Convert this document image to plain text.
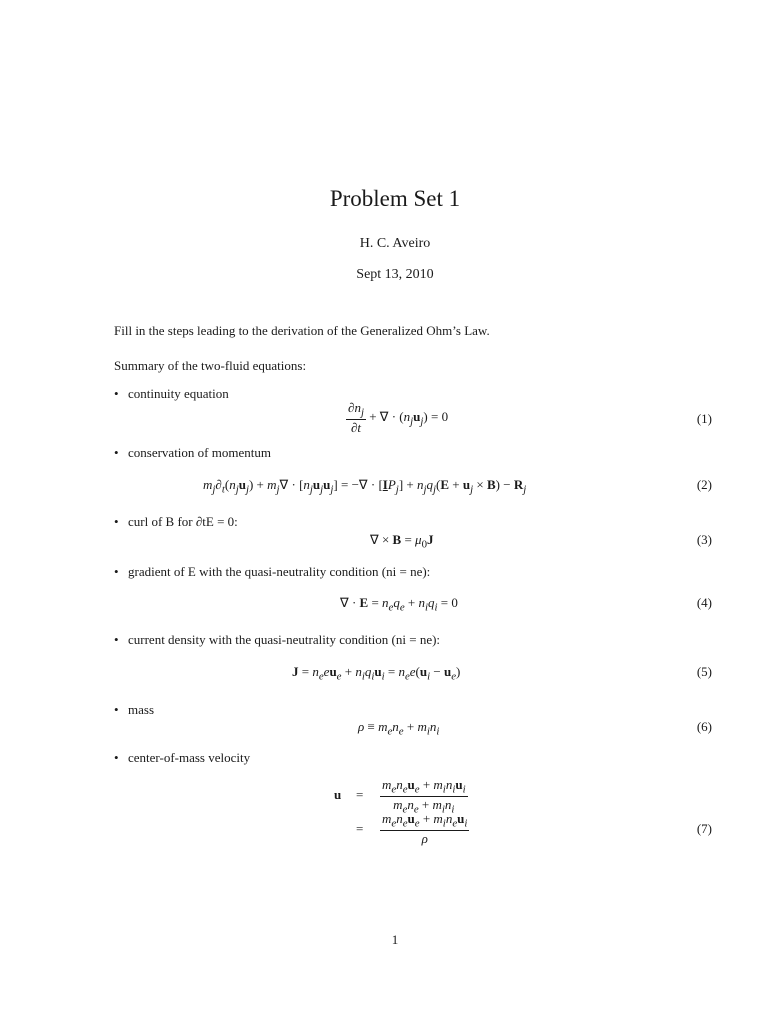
Problem Set 1
H. C. Aveiro
Sept 13, 2010
Fill in the steps leading to the derivation of the Generalized Ohm’s Law.
Summary of the two-fluid equations:
• continuity equation
$\frac{\partial n_j}{\partial t}$ + ∇ · $(n_ju_j) = 0$	(1)
• conservation of momentum
$m_j\partial_t(n_ju_j) + m_j\nabla \cdot [n_ju_ju_j]$ = −∇ · $[IP_j] + n_jq_j(E + u_j \times B) - R_j$	(2)
• curl of B for ∂tE = 0:
∇ × $B = \mu_0J$	(3)
• gradient of E with the quasi-neutrality condition (ni = ne):
∇ · $E = n_eq_e + n_iq_i = 0$	(4)
• current density with the quasi-neutrality condition (ni = ne):
$J = n_eeu_e + n_iq_iu_i = n_ee(u_i - u_e)$	(5)
• mass
$\rho \equiv m_en_e + m_in_i$	(6)
• center-of-mass velocity
$u = \frac{m_en_eu_e + m_in_iu_i}{m_en_e + m_in_i}$
= $\frac{m_en_eu_e + m_in_eu_i}{\rho}$	(7)
1
